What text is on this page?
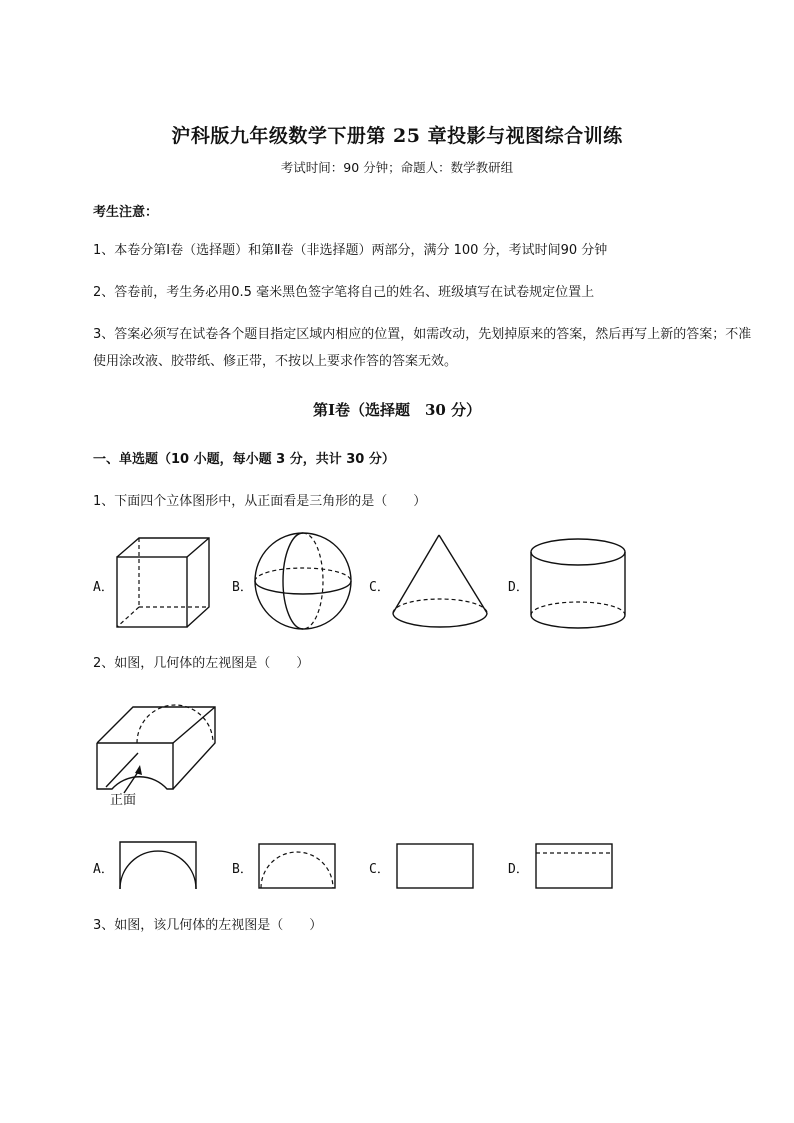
沪科版九年级数学下册第 25 章投影与视图综合训练
考试时间：90 分钟；命题人：数学教研组
考生注意：
1、本卷分第Ⅰ卷（选择题）和第Ⅱ卷（非选择题）两部分，满分 100 分，考试时间90 分钟
2、答卷前，考生务必用0.5 毫米黑色签字笔将自己的姓名、班级填写在试卷规定位置上
3、答案必须写在试卷各个题目指定区域内相应的位置，如需改动，先划掉原来的答案，然后再写上新的答案；不准使用涂改液、胶带纸、修正带，不按以上要求作答的答案无效。
第Ⅰ卷（选择题　30 分）
一、单选题（10 小题，每小题 3 分，共计 30 分）
1、下面四个立体图形中，从正面看是三角形的是（　　）
A．	B．	C．	D．
2、如图，几何体的左视图是（　　）
正面
A．	B．	C．	D．
3、如图，该几何体的左视图是（　　）
